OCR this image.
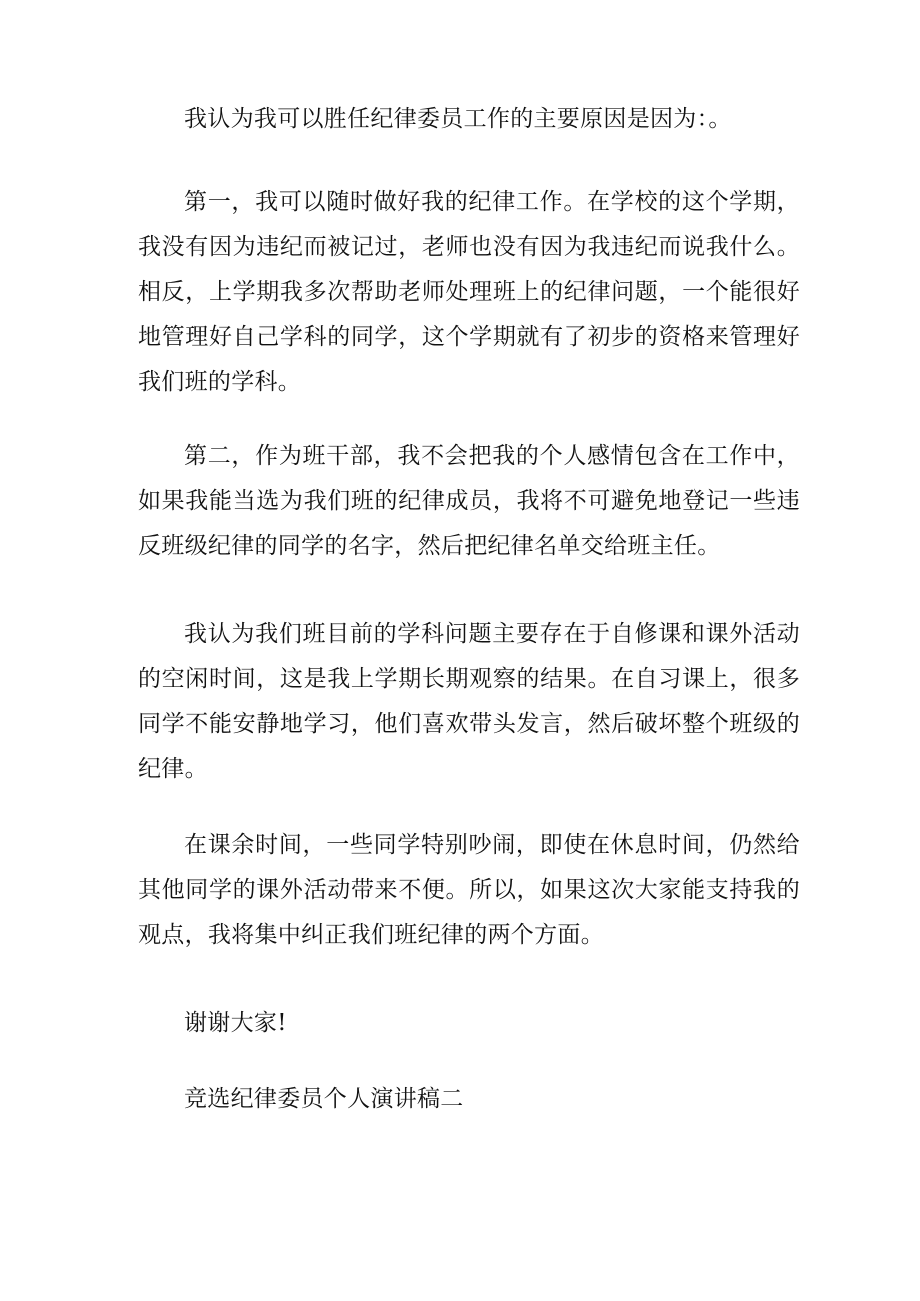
我认为我可以胜任纪律委员工作的主要原因是因为：。

第一，我可以随时做好我的纪律工作。在学校的这个学期，我没有因为违纪而被记过，老师也没有因为我违纪而说我什么。相反，上学期我多次帮助老师处理班上的纪律问题，一个能很好地管理好自己学科的同学，这个学期就有了初步的资格来管理好我们班的学科。

第二，作为班干部，我不会把我的个人感情包含在工作中，如果我能当选为我们班的纪律成员，我将不可避免地登记一些违反班级纪律的同学的名字，然后把纪律名单交给班主任。

我认为我们班目前的学科问题主要存在于自修课和课外活动的空闲时间，这是我上学期长期观察的结果。在自习课上，很多同学不能安静地学习，他们喜欢带头发言，然后破坏整个班级的纪律。

在课余时间，一些同学特别吵闹，即使在休息时间，仍然给其他同学的课外活动带来不便。所以，如果这次大家能支持我的观点，我将集中纠正我们班纪律的两个方面。

谢谢大家!

竞选纪律委员个人演讲稿二
